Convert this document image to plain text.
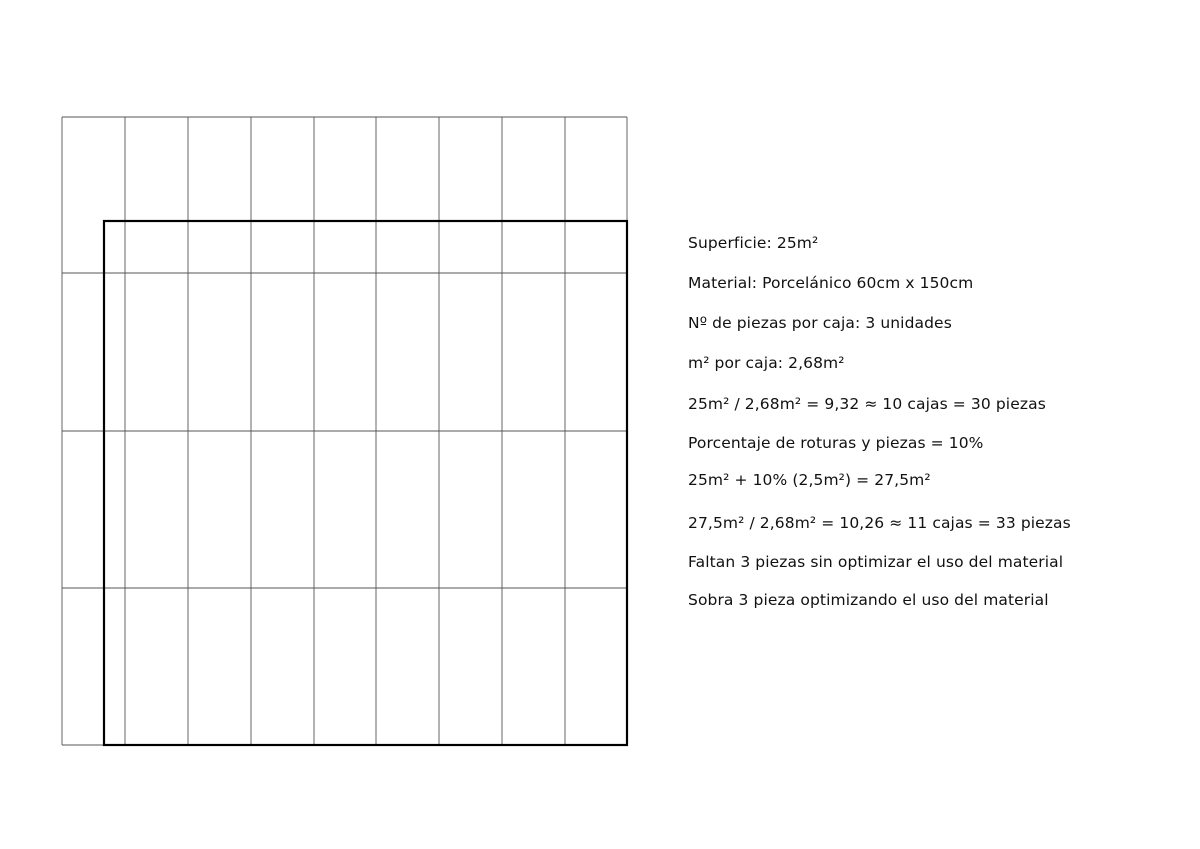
Superficie: 25m²
Material: Porcelánico 60cm x 150cm
Nº de piezas por caja: 3 unidades
m² por caja: 2,68m²
25m² / 2,68m² = 9,32 ≈ 10 cajas = 30 piezas
Porcentaje de roturas y piezas = 10%
25m² + 10% (2,5m²) = 27,5m²
27,5m² / 2,68m² = 10,26 ≈ 11 cajas = 33 piezas
Faltan 3 piezas sin optimizar el uso del material
Sobra 3 pieza optimizando el uso del material
